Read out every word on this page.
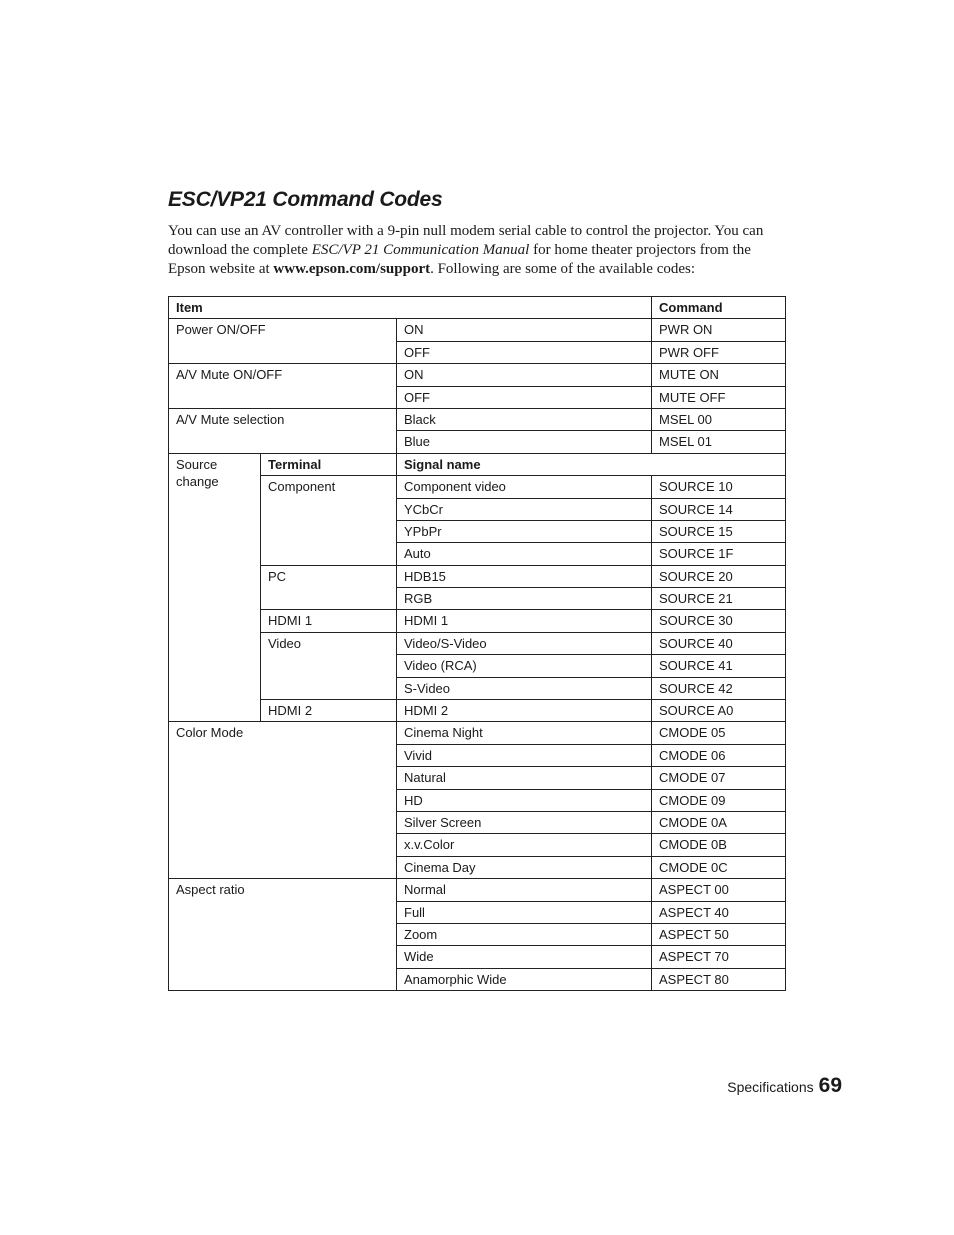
ESC/VP21 Command Codes

You can use an AV controller with a 9-pin null modem serial cable to control the projector. You can download the complete ESC/VP 21 Communication Manual for home theater projectors from the Epson website at www.epson.com/support. Following are some of the available codes:

Item			Command
Power ON/OFF		ON	PWR ON
		OFF	PWR OFF
A/V Mute ON/OFF		ON	MUTE ON
		OFF	MUTE OFF
A/V Mute selection		Black	MSEL 00
		Blue	MSEL 01
Source change	Terminal	Signal name	
	Component	Component video	SOURCE 10
		YCbCr	SOURCE 14
		YPbPr	SOURCE 15
		Auto	SOURCE 1F
	PC	HDB15	SOURCE 20
		RGB	SOURCE 21
	HDMI 1	HDMI 1	SOURCE 30
	Video	Video/S-Video	SOURCE 40
		Video (RCA)	SOURCE 41
		S-Video	SOURCE 42
	HDMI 2	HDMI 2	SOURCE A0
Color Mode		Cinema Night	CMODE 05
		Vivid	CMODE 06
		Natural	CMODE 07
		HD	CMODE 09
		Silver Screen	CMODE 0A
		x.v.Color	CMODE 0B
		Cinema Day	CMODE 0C
Aspect ratio		Normal	ASPECT 00
		Full	ASPECT 40
		Zoom	ASPECT 50
		Wide	ASPECT 70
		Anamorphic Wide	ASPECT 80
Specifications 69
